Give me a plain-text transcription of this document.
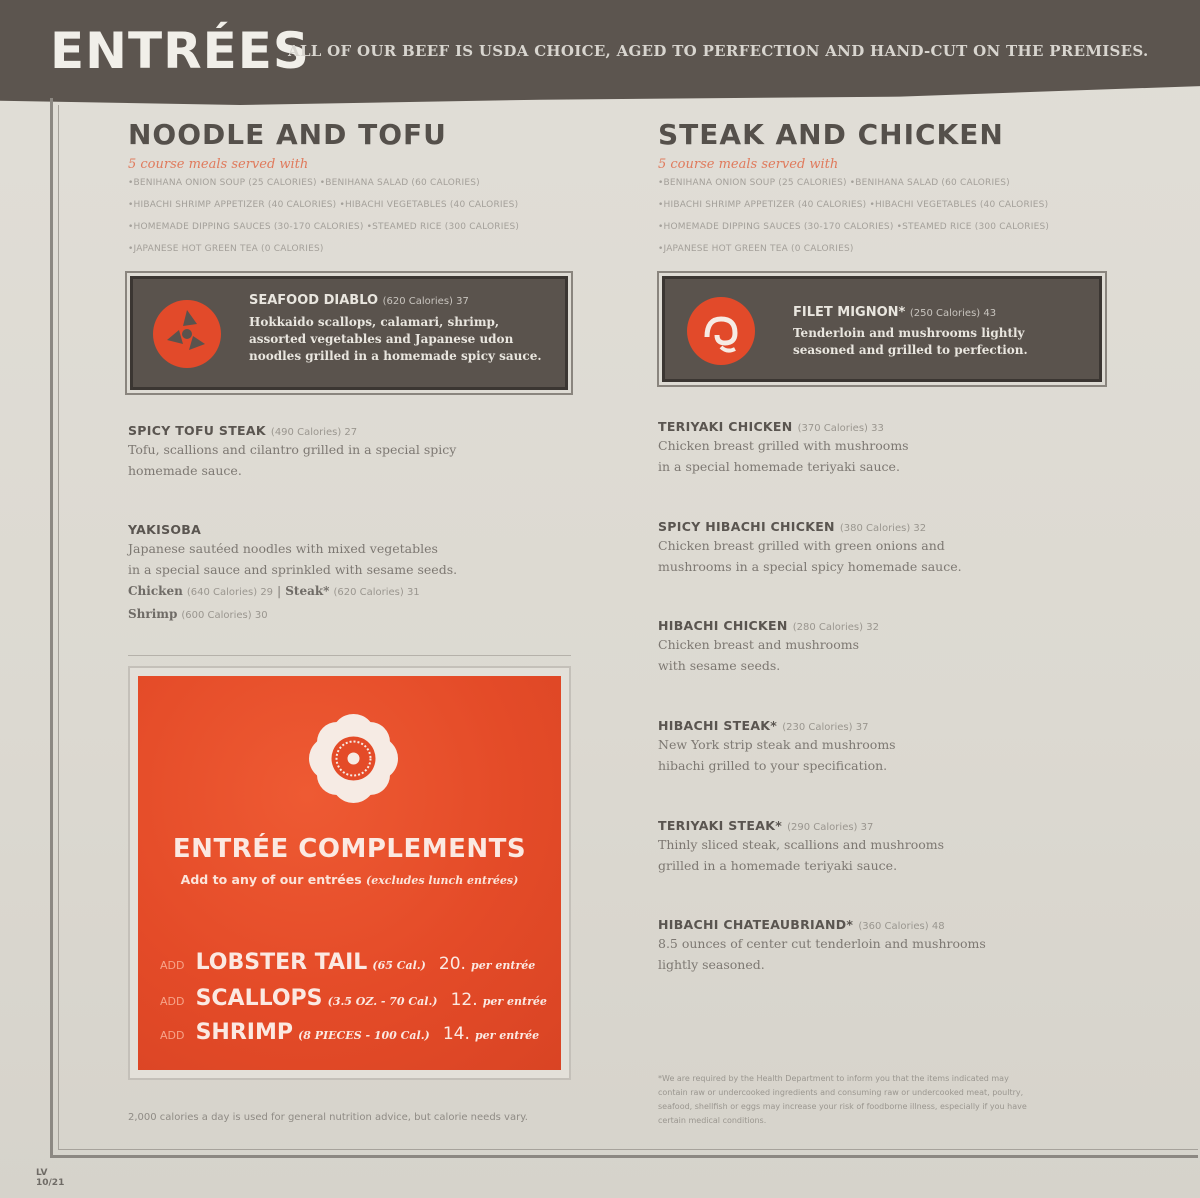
ENTRÉES
ALL OF OUR BEEF IS USDA CHOICE, AGED TO PERFECTION AND HAND-CUT ON THE PREMISES.
NOODLE AND TOFU
5 course meals served with
•BENIHANA ONION SOUP (25 CALORIES) •BENIHANA SALAD (60 CALORIES)
•HIBACHI SHRIMP APPETIZER (40 CALORIES) •HIBACHI VEGETABLES (40 CALORIES)
•HOMEMADE DIPPING SAUCES (30-170 CALORIES) •STEAMED RICE (300 CALORIES)
•JAPANESE HOT GREEN TEA (0 CALORIES)
SEAFOOD DIABLO (620 Calories) 37
Hokkaido scallops, calamari, shrimp,
assorted vegetables and Japanese udon
noodles grilled in a homemade spicy sauce.
SPICY TOFU STEAK (490 Calories) 27
Tofu, scallions and cilantro grilled in a special spicy
homemade sauce.
YAKISOBA
Japanese sautéed noodles with mixed vegetables
in a special sauce and sprinkled with sesame seeds.
Chicken (640 Calories) 29 | Steak* (620 Calories) 31
Shrimp (600 Calories) 30
ENTRÉE COMPLEMENTS
Add to any of our entrées (excludes lunch entrées)
ADD LOBSTER TAIL (65 Cal.) 20. per entrée
ADD SCALLOPS (3.5 OZ. - 70 Cal.) 12. per entrée
ADD SHRIMP (8 PIECES - 100 Cal.) 14. per entrée
2,000 calories a day is used for general nutrition advice, but calorie needs vary.
STEAK AND CHICKEN
5 course meals served with
•BENIHANA ONION SOUP (25 CALORIES) •BENIHANA SALAD (60 CALORIES)
•HIBACHI SHRIMP APPETIZER (40 CALORIES) •HIBACHI VEGETABLES (40 CALORIES)
•HOMEMADE DIPPING SAUCES (30-170 CALORIES) •STEAMED RICE (300 CALORIES)
•JAPANESE HOT GREEN TEA (0 CALORIES)
FILET MIGNON* (250 Calories) 43
Tenderloin and mushrooms lightly
seasoned and grilled to perfection.
TERIYAKI CHICKEN (370 Calories) 33
Chicken breast grilled with mushrooms
in a special homemade teriyaki sauce.
SPICY HIBACHI CHICKEN (380 Calories) 32
Chicken breast grilled with green onions and
mushrooms in a special spicy homemade sauce.
HIBACHI CHICKEN (280 Calories) 32
Chicken breast and mushrooms
with sesame seeds.
HIBACHI STEAK* (230 Calories) 37
New York strip steak and mushrooms
hibachi grilled to your specification.
TERIYAKI STEAK* (290 Calories) 37
Thinly sliced steak, scallions and mushrooms
grilled in a homemade teriyaki sauce.
HIBACHI CHATEAUBRIAND* (360 Calories) 48
8.5 ounces of center cut tenderloin and mushrooms
lightly seasoned.
*We are required by the Health Department to inform you that the items indicated may
contain raw or undercooked ingredients and consuming raw or undercooked meat, poultry,
seafood, shellfish or eggs may increase your risk of foodborne illness, especially if you have
certain medical conditions.
LV
10/21
